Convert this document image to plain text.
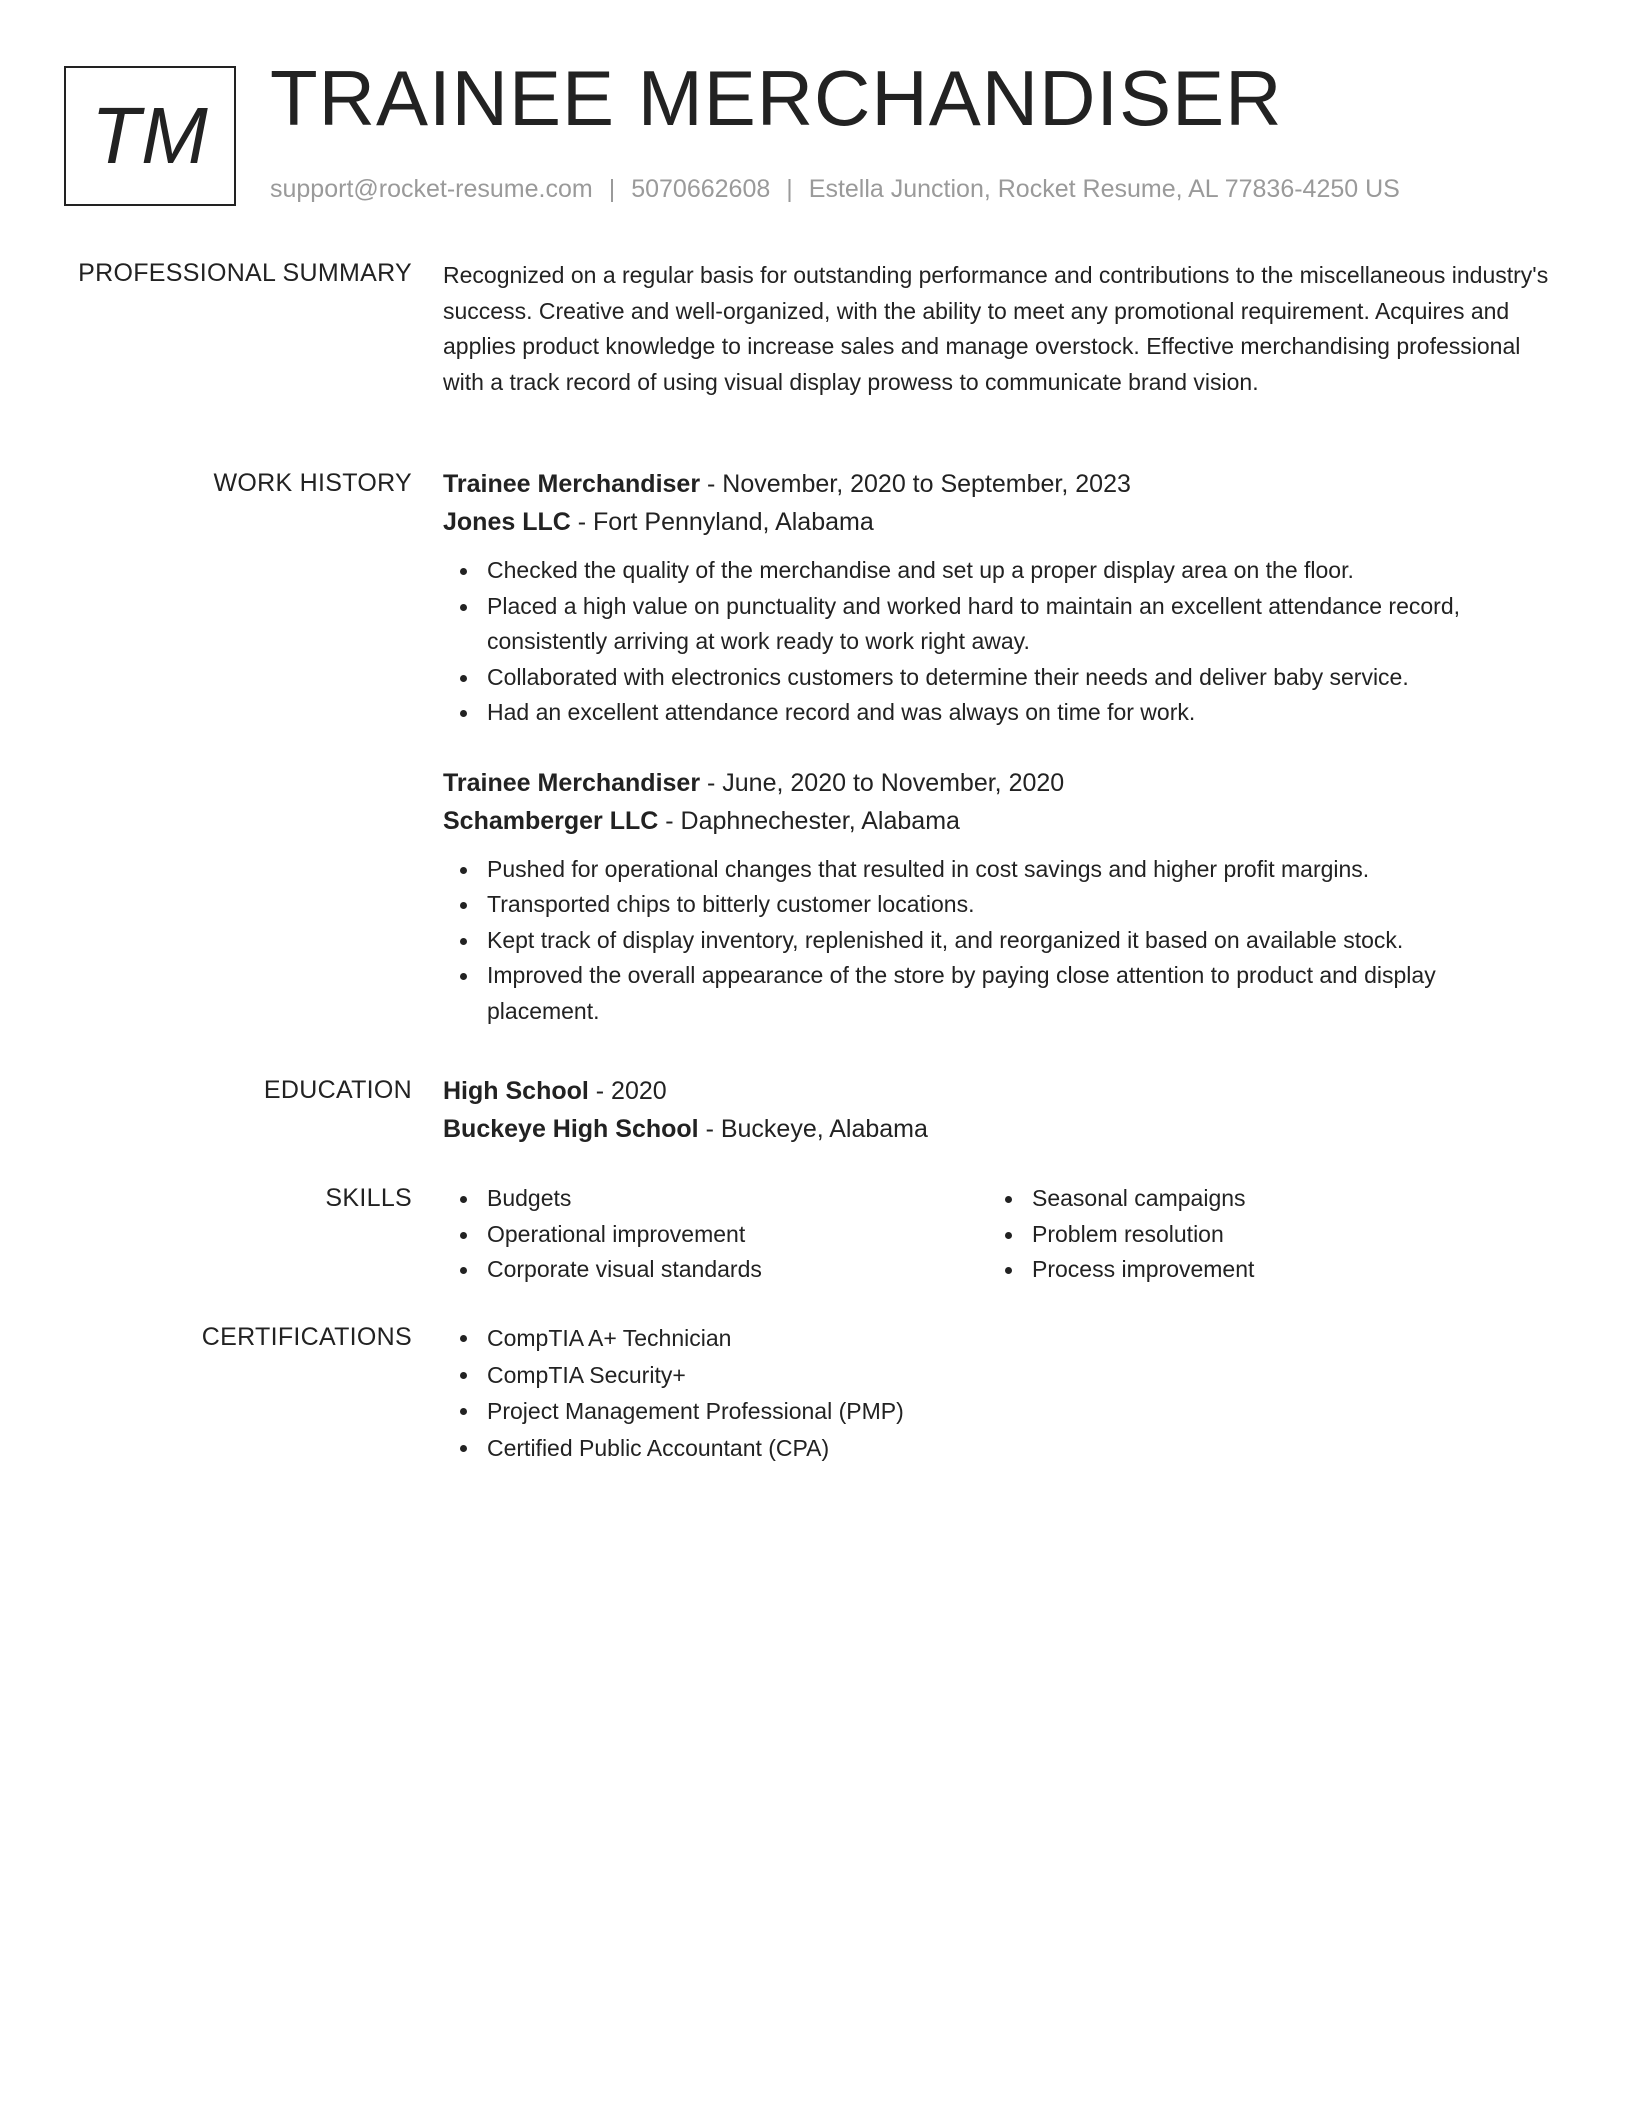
TM TRAINEE MERCHANDISER
support@rocket-resume.com | 5070662608 | Estella Junction, Rocket Resume, AL 77836-4250 US
PROFESSIONAL SUMMARY Recognized on a regular basis for outstanding performance and contributions to the miscellaneous industry's success. Creative and well-organized, with the ability to meet any promotional requirement. Acquires and applies product knowledge to increase sales and manage overstock. Effective merchandising professional with a track record of using visual display prowess to communicate brand vision.

WORK HISTORY Trainee Merchandiser - November, 2020 to September, 2023
Jones LLC - Fort Pennyland, Alabama
Checked the quality of the merchandise and set up a proper display area on the floor.
Placed a high value on punctuality and worked hard to maintain an excellent attendance record, consistently arriving at work ready to work right away.
Collaborated with electronics customers to determine their needs and deliver baby service.
Had an excellent attendance record and was always on time for work.
Trainee Merchandiser - June, 2020 to November, 2020
Schamberger LLC - Daphnechester, Alabama
Pushed for operational changes that resulted in cost savings and higher profit margins.
Transported chips to bitterly customer locations.
Kept track of display inventory, replenished it, and reorganized it based on available stock.
Improved the overall appearance of the store by paying close attention to product and display placement.
EDUCATION High School - 2020
Buckeye High School - Buckeye, Alabama
SKILLS	Budgets
Operational improvement
Corporate visual standards
Seasonal campaigns
Problem resolution
Process improvement
CERTIFICATIONS	CompTIA A+ Technician
CompTIA Security+
Project Management Professional (PMP)
Certified Public Accountant (CPA)
